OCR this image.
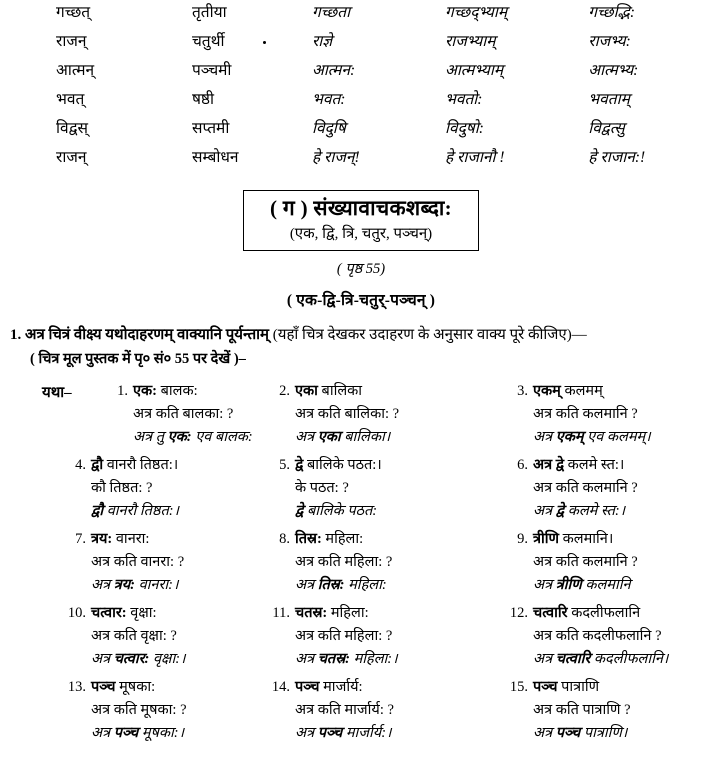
गच्छत्	तृतीया	गच्छता	गच्छद्भ्याम्	गच्छद्भि:
राजन्	चतुर्थी	राज्ञे	राजभ्याम्	राजभ्य:
आत्मन्	पञ्चमी	आत्मन:	आत्मभ्याम्	आत्मभ्य:
भवत्	षष्ठी	भवत:	भवतो:	भवताम्
विद्वस्	सप्तमी	विदुषि	विदुषो:	विद्वत्सु
राजन्	सम्बोधन	हे राजन्!	हे राजानौ !	हे राजान:!
( ग ) संख्यावाचकशब्दा:
(एक, द्वि, त्रि, चतुर, पञ्चन्)
( पृष्ठ 55)
( एक-द्वि-त्रि-चतुर्-पञ्चन् )
1. अत्र चित्रं वीक्ष्य यथोदाहरणम् वाक्यानि पूर्यन्ताम् (यहाँ चित्र देखकर उदाहरण के अनुसार वाक्य पूरे कीजिए)—
( चित्र मूल पुस्तक में पृ० सं० 55 पर देखें )–
यथा–	1. एक: बालक:
अत्र कति बालका: ?
अत्र तु एक: एव बालक:
2. एका बालिका
अत्र कति बालिका: ?
अत्र एका बालिका।
3. एकम् कलमम्
अत्र कति कलमानि ?
अत्र एकम् एव कलमम्।
4. द्वौ वानरौ तिष्ठत:।
कौ तिष्ठत: ?
द्वौ वानरौ तिष्ठत:।
5. द्वे बालिके पठत:।
के पठत: ?
द्वे बालिके पठत:
6. अत्र द्वे कलमे स्त:।
अत्र कति कलमानि ?
अत्र द्वे कलमे स्त:।
7. त्रय: वानरा:
अत्र कति वानरा: ?
अत्र त्रय: वानरा:।
8. तिस्र: महिला:
अत्र कति महिला: ?
अत्र तिस्र: महिला:
9. त्रीणि कलमानि।
अत्र कति कलमानि ?
अत्र त्रीणि कलमानि
10. चत्वार: वृक्षा:
अत्र कति वृक्षा: ?
अत्र चत्वार: वृक्षा:।
11. चतस्र: महिला:
अत्र कति महिला: ?
अत्र चतस्र: महिला:।
12. चत्वारि कदलीफलानि
अत्र कति कदलीफलानि ?
अत्र चत्वारि कदलीफलानि।
13. पञ्च मूषका:
अत्र कति मूषका: ?
अत्र पञ्च मूषका:।
14. पञ्च मार्जार्य:
अत्र कति मार्जार्य: ?
अत्र पञ्च मार्जार्य:।
15. पञ्च पात्राणि
अत्र कति पात्राणि ?
अत्र पञ्च पात्राणि।
